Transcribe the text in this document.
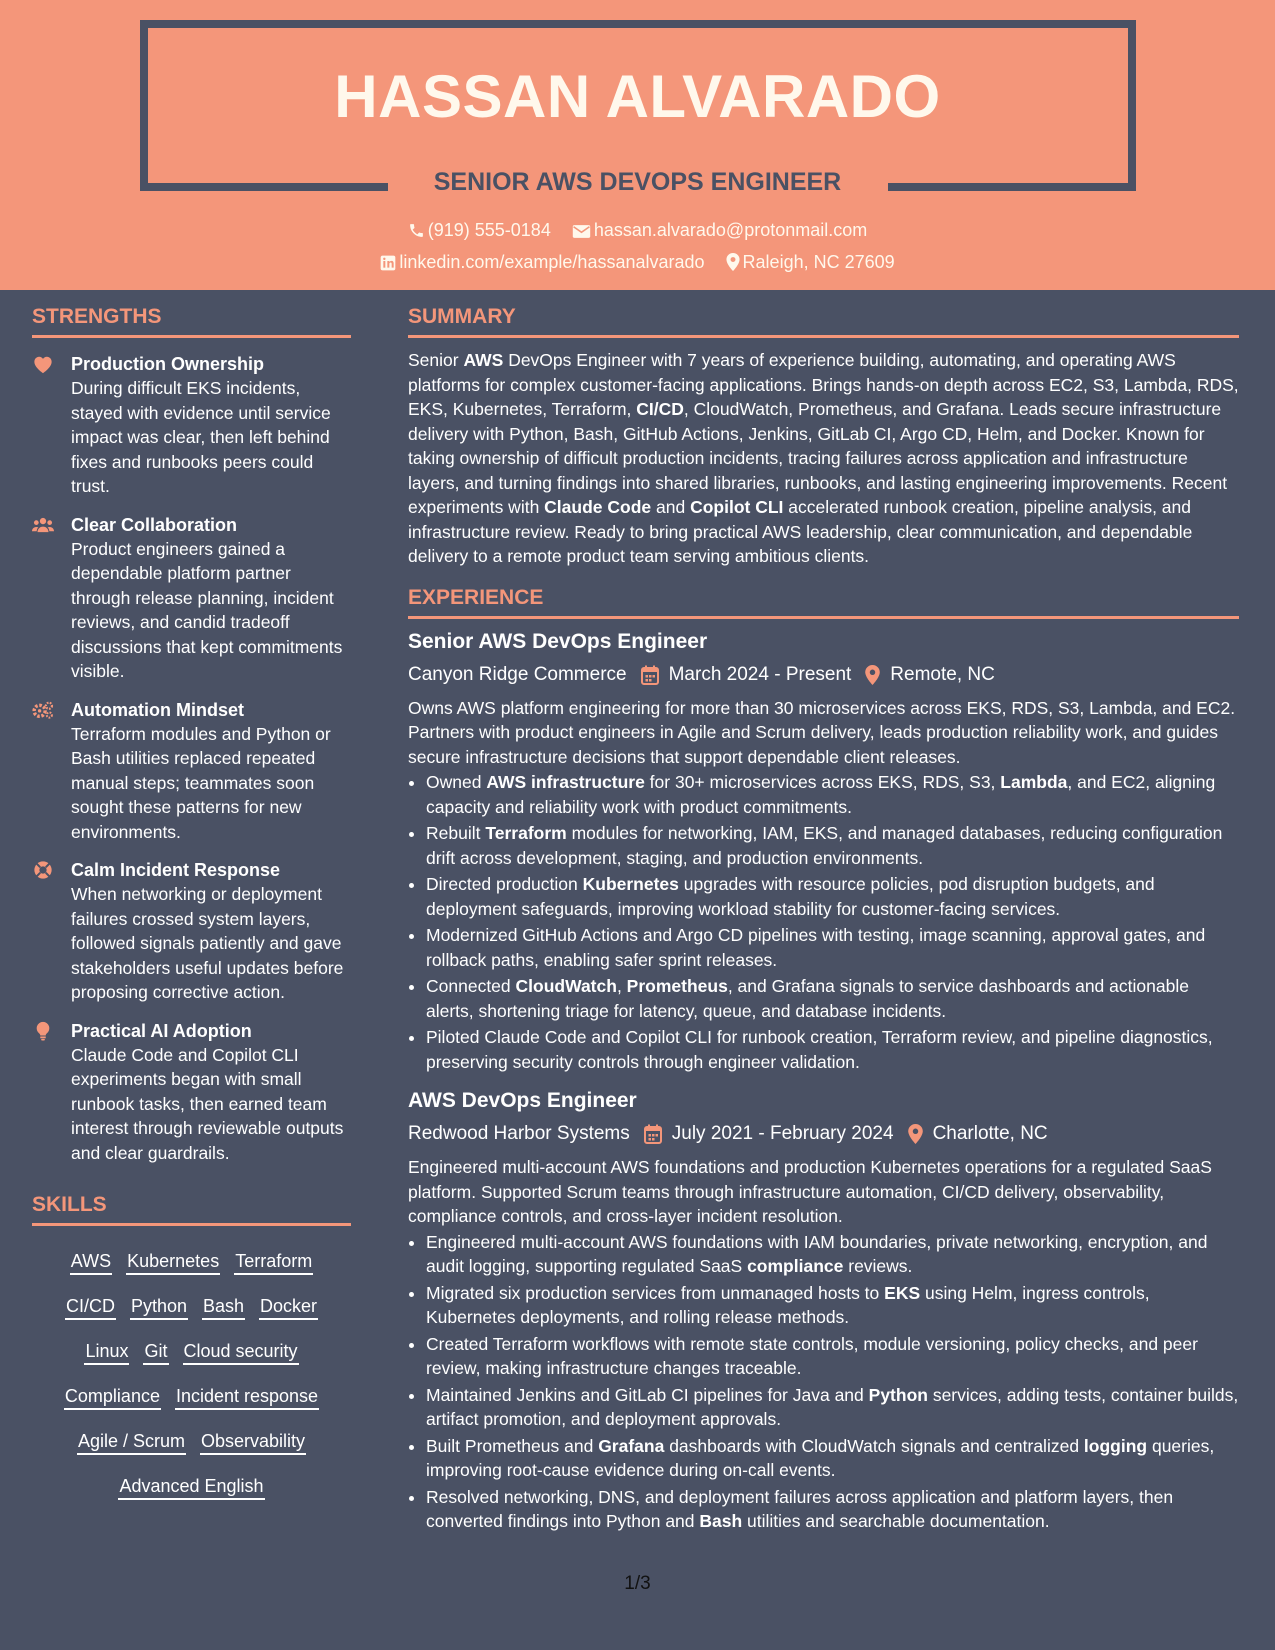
HASSAN ALVARADO
SENIOR AWS DEVOPS ENGINEER
(919) 555-0184 hassan.alvarado@protonmail.com
linkedin.com/example/hassanalvarado Raleigh, NC 27609
STRENGTHS
Production Ownership
During difficult EKS incidents, stayed with evidence until service impact was clear, then left behind fixes and runbooks peers could trust.
Clear Collaboration
Product engineers gained a dependable platform partner through release planning, incident reviews, and candid tradeoff discussions that kept commitments visible.
Automation Mindset
Terraform modules and Python or Bash utilities replaced repeated manual steps; teammates soon sought these patterns for new environments.
Calm Incident Response
When networking or deployment failures crossed system layers, followed signals patiently and gave stakeholders useful updates before proposing corrective action.
Practical AI Adoption
Claude Code and Copilot CLI experiments began with small runbook tasks, then earned team interest through reviewable outputs and clear guardrails.
SKILLS
AWS Kubernetes Terraform
CI/CD Python Bash Docker
Linux Git Cloud security
Compliance Incident response
Agile / Scrum Observability
Advanced English
SUMMARY
Senior AWS DevOps Engineer with 7 years of experience building, automating, and operating AWS platforms for complex customer-facing applications. Brings hands-on depth across EC2, S3, Lambda, RDS, EKS, Kubernetes, Terraform, CI/CD, CloudWatch, Prometheus, and Grafana. Leads secure infrastructure delivery with Python, Bash, GitHub Actions, Jenkins, GitLab CI, Argo CD, Helm, and Docker. Known for taking ownership of difficult production incidents, tracing failures across application and infrastructure layers, and turning findings into shared libraries, runbooks, and lasting engineering improvements. Recent experiments with Claude Code and Copilot CLI accelerated runbook creation, pipeline analysis, and infrastructure review. Ready to bring practical AWS leadership, clear communication, and dependable delivery to a remote product team serving ambitious clients.
EXPERIENCE
Senior AWS DevOps Engineer
Canyon Ridge Commerce March 2024 - Present Remote, NC
Owns AWS platform engineering for more than 30 microservices across EKS, RDS, S3, Lambda, and EC2. Partners with product engineers in Agile and Scrum delivery, leads production reliability work, and guides secure infrastructure decisions that support dependable client releases.
• Owned AWS infrastructure for 30+ microservices across EKS, RDS, S3, Lambda, and EC2, aligning capacity and reliability work with product commitments.
• Rebuilt Terraform modules for networking, IAM, EKS, and managed databases, reducing configuration drift across development, staging, and production environments.
• Directed production Kubernetes upgrades with resource policies, pod disruption budgets, and deployment safeguards, improving workload stability for customer-facing services.
• Modernized GitHub Actions and Argo CD pipelines with testing, image scanning, approval gates, and rollback paths, enabling safer sprint releases.
• Connected CloudWatch, Prometheus, and Grafana signals to service dashboards and actionable alerts, shortening triage for latency, queue, and database incidents.
• Piloted Claude Code and Copilot CLI for runbook creation, Terraform review, and pipeline diagnostics, preserving security controls through engineer validation.
AWS DevOps Engineer
Redwood Harbor Systems July 2021 - February 2024 Charlotte, NC
Engineered multi-account AWS foundations and production Kubernetes operations for a regulated SaaS platform. Supported Scrum teams through infrastructure automation, CI/CD delivery, observability, compliance controls, and cross-layer incident resolution.
• Engineered multi-account AWS foundations with IAM boundaries, private networking, encryption, and audit logging, supporting regulated SaaS compliance reviews.
• Migrated six production services from unmanaged hosts to EKS using Helm, ingress controls, Kubernetes deployments, and rolling release methods.
• Created Terraform workflows with remote state controls, module versioning, policy checks, and peer review, making infrastructure changes traceable.
• Maintained Jenkins and GitLab CI pipelines for Java and Python services, adding tests, container builds, artifact promotion, and deployment approvals.
• Built Prometheus and Grafana dashboards with CloudWatch signals and centralized logging queries, improving root-cause evidence during on-call events.
• Resolved networking, DNS, and deployment failures across application and platform layers, then converted findings into Python and Bash utilities and searchable documentation.
1/3
